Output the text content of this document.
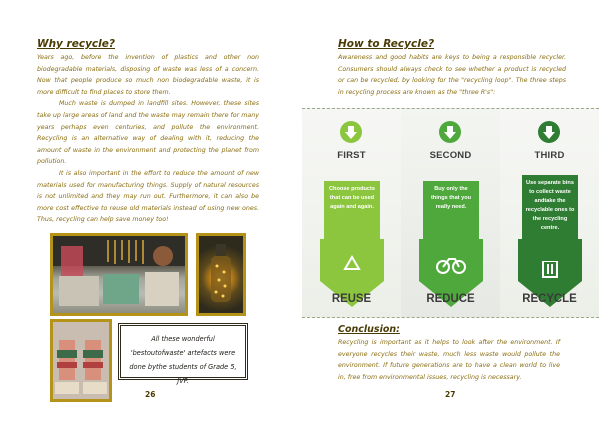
Why recycle?
Years ago, before the invention of plastics and other non biodegradable materials, disposing of waste was less of a concern. Now that people produce so much non biodegradable waste, it is more difficult to find places to store them.
Much waste is dumped in landfill sites. However, these sites take up large areas of land and the waste may remain there for many years perhaps even centuries, and pollute the environment. Recycling is an alternative way of dealing with it, reducing the amount of waste in the environment and protecting the planet from pollution.
It is also important in the effort to reduce the amount of new materials used for manufacturing things. Supply of natural resources is not unlimited and they may run out. Furthermore, it can also be more cost effective to reuse old materials instead of using new ones. Thus, recycling can help save money too!
All these wonderful 'bestoutofwaste' artefacts were done bythe students of Grade 5, JVP.
26
How to Recycle?
Awareness and good habits are keys to being a responsible recycler. Consumers should always check to see whether a product is recycled or can be recycled, by looking for the "recycling loop". The three steps in recycling process are known as the "three R's":
FIRST
Choose products that can be used again and again.
REUSE
SECOND
Buy only the things that you really need.
REDUCE
THIRD
Use separate bins to collect waste andtake the recyclable ones to the recycling centre.
RECYCLE
Conclusion:
Recycling is important as it helps to look after the environment. If everyone recycles their waste, much less waste would pollute the environment. If future generations are to have a clean world to live in, free from environmental issues, recycling is necessary.
27
